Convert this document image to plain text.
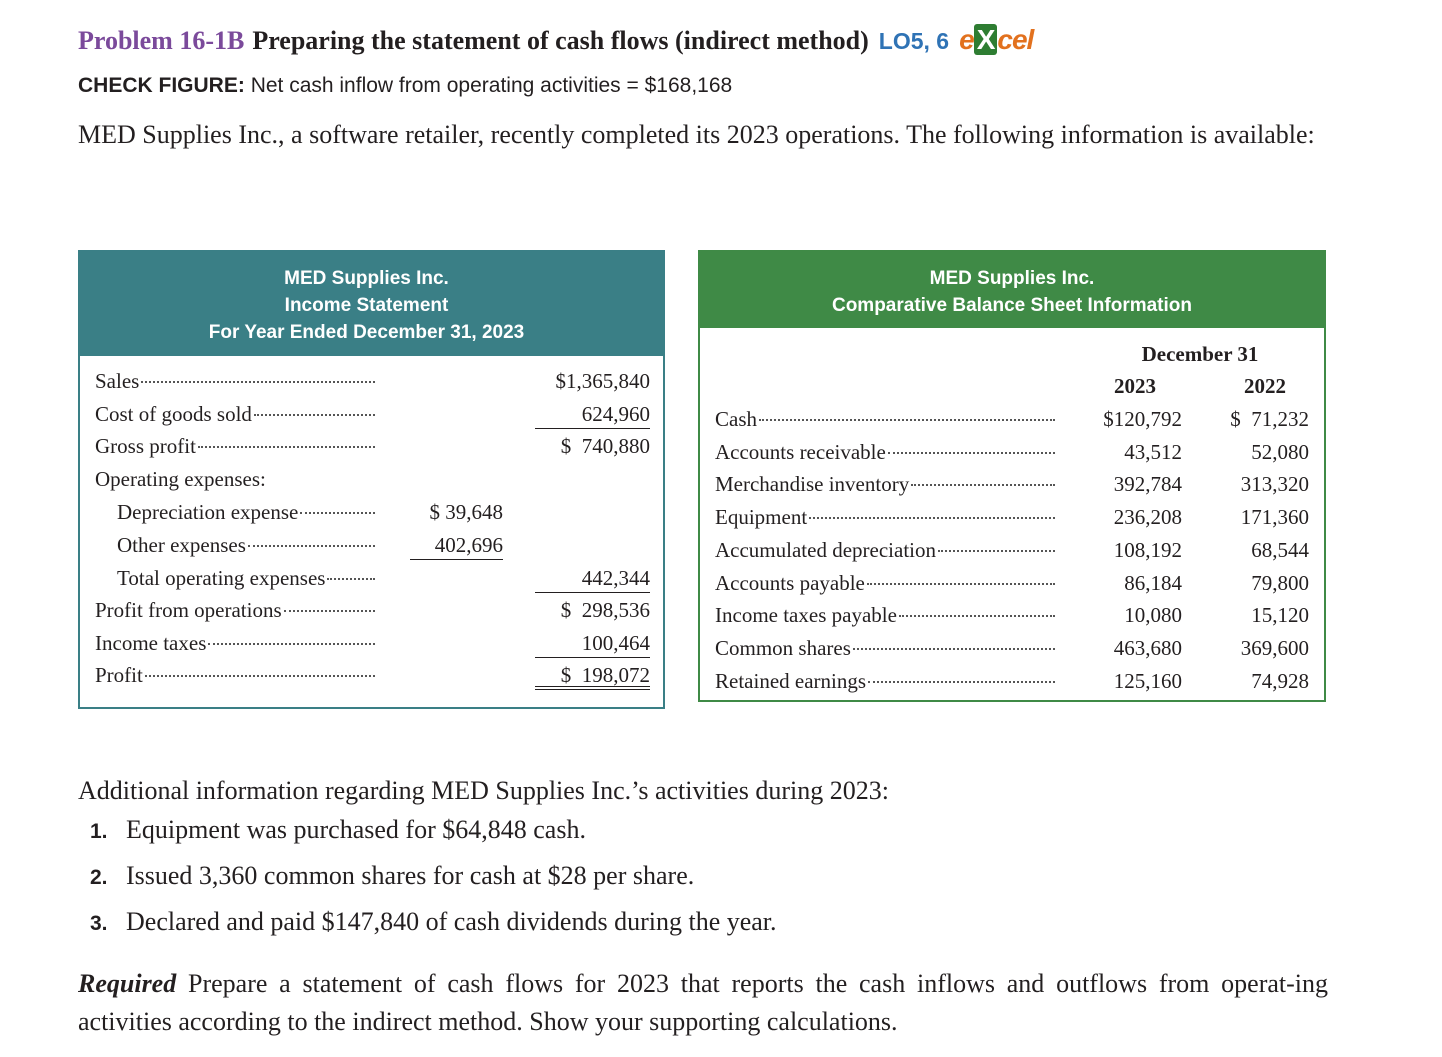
Problem 16-1B Preparing the statement of cash flows (indirect method) LO5, 6 e X cel
CHECK FIGURE: Net cash inflow from operating activities = $168,168
MED Supplies Inc., a software retailer, recently completed its 2023 operations. The following information is available:
MED Supplies Inc.
Income Statement
For Year Ended December 31, 2023
Sales	$1,365,840
Cost of goods sold	624,960
Gross profit	$  740,880
Operating expenses:
Depreciation expense	$ 39,648
Other expenses	402,696
Total operating expenses	442,344
Profit from operations	$  298,536
Income taxes	100,464
Profit	$  198,072
MED Supplies Inc.
Comparative Balance Sheet Information
December 31
2023	2022
Cash	$120,792	$  71,232
Accounts receivable	43,512	52,080
Merchandise inventory	392,784	313,320
Equipment	236,208	171,360
Accumulated depreciation	108,192	68,544
Accounts payable	86,184	79,800
Income taxes payable	10,080	15,120
Common shares	463,680	369,600
Retained earnings	125,160	74,928
Additional information regarding MED Supplies Inc.’s activities during 2023:
1. Equipment was purchased for $64,848 cash.
2. Issued 3,360 common shares for cash at $28 per share.
3. Declared and paid $147,840 of cash dividends during the year.
Required Prepare a statement of cash flows for 2023 that reports the cash inflows and outflows from operat-ing activities according to the indirect method. Show your supporting calculations.
